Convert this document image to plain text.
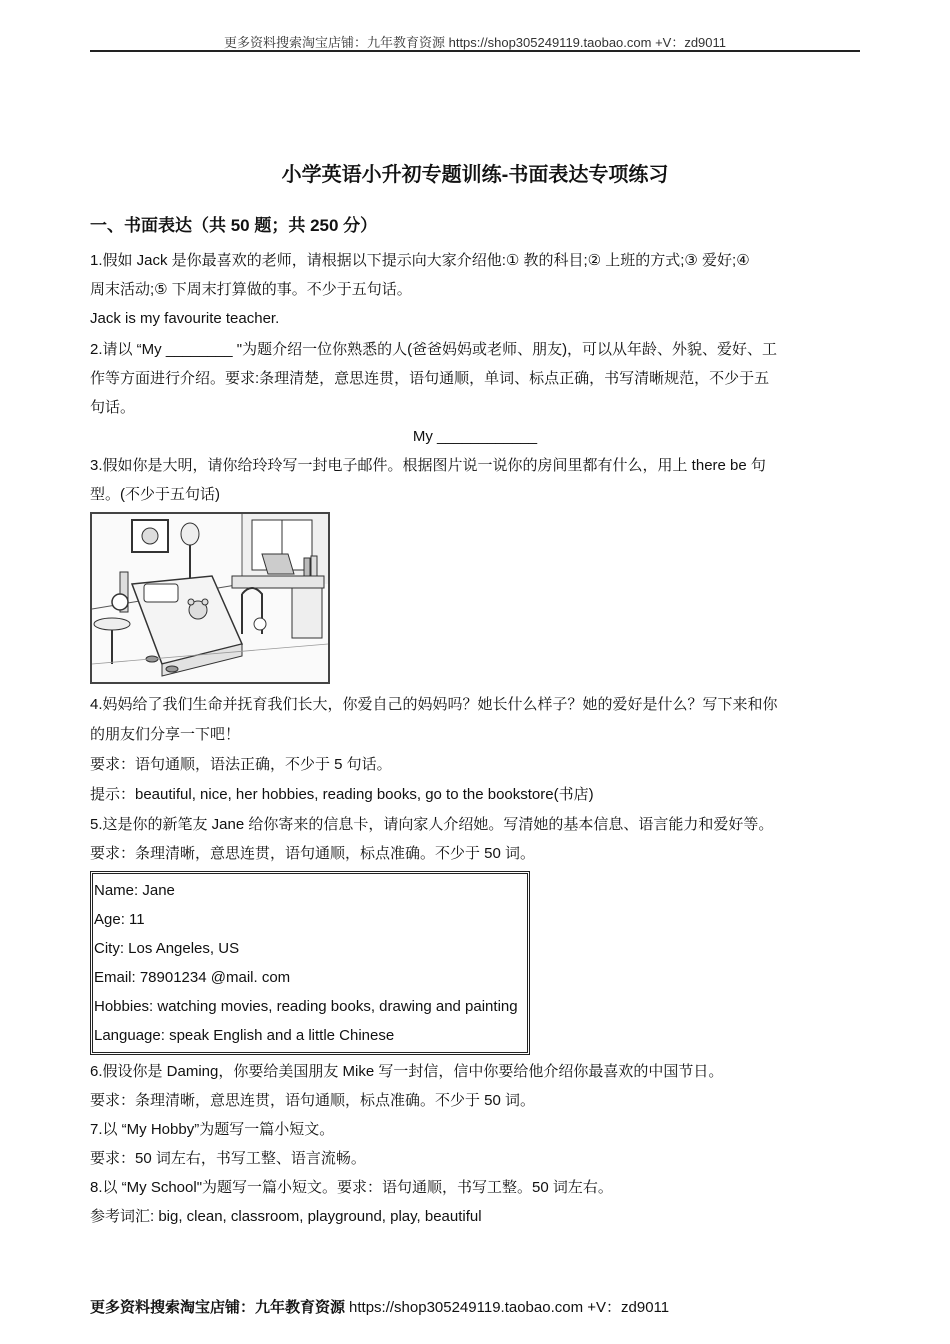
更多资料搜索淘宝店铺：九年教育资源 https://shop305249119.taobao.com +V：zd9011
小学英语小升初专题训练-书面表达专项练习
一、书面表达（共 50 题；共 250 分）

1.假如 Jack 是你最喜欢的老师，请根据以下提示向大家介绍他:① 教的科目;② 上班的方式;③ 爱好;④

周末活动;⑤ 下周末打算做的事。不少于五句话。

Jack is my favourite teacher.

2.请以 “My ________ "为题介绍一位你熟悉的人(爸爸妈妈或老师、朋友)，可以从年龄、外貌、爱好、工

作等方面进行介绍。要求:条理清楚，意思连贯，语句通顺，单词、标点正确，书写清晰规范，不少于五

句话。

My ____________

3.假如你是大明，请你给玲玲写一封电子邮件。根据图片说一说你的房间里都有什么，用上 there be 句

型。(不少于五句话)

4.妈妈给了我们生命并抚育我们长大，你爱自己的妈妈吗？她长什么样子？她的爱好是什么？写下来和你

的朋友们分享一下吧！

要求：语句通顺，语法正确，不少于 5 句话。

提示：beautiful, nice, her hobbies, reading books, go to the bookstore(书店)

5.这是你的新笔友 Jane 给你寄来的信息卡，请向家人介绍她。写清她的基本信息、语言能力和爱好等。

要求：条理清晰，意思连贯，语句通顺，标点准确。不少于 50 词。

Name: Jane

Age: 11

City: Los Angeles, US

Email: 78901234 @mail. com

Hobbies: watching movies, reading books, drawing and painting

Language: speak English and a little Chinese

6.假设你是 Daming，你要给美国朋友 Mike 写一封信，信中你要给他介绍你最喜欢的中国节日。

要求：条理清晰，意思连贯，语句通顺，标点准确。不少于 50 词。

7.以 “My Hobby”为题写一篇小短文。

要求：50 词左右，书写工整、语言流畅。

8.以 “My School"为题写一篇小短文。要求：语句通顺，书写工整。50 词左右。

参考词汇: big, clean, classroom, playground, play, beautiful

更多资料搜索淘宝店铺：九年教育资源 https://shop305249119.taobao.com +V：zd9011
